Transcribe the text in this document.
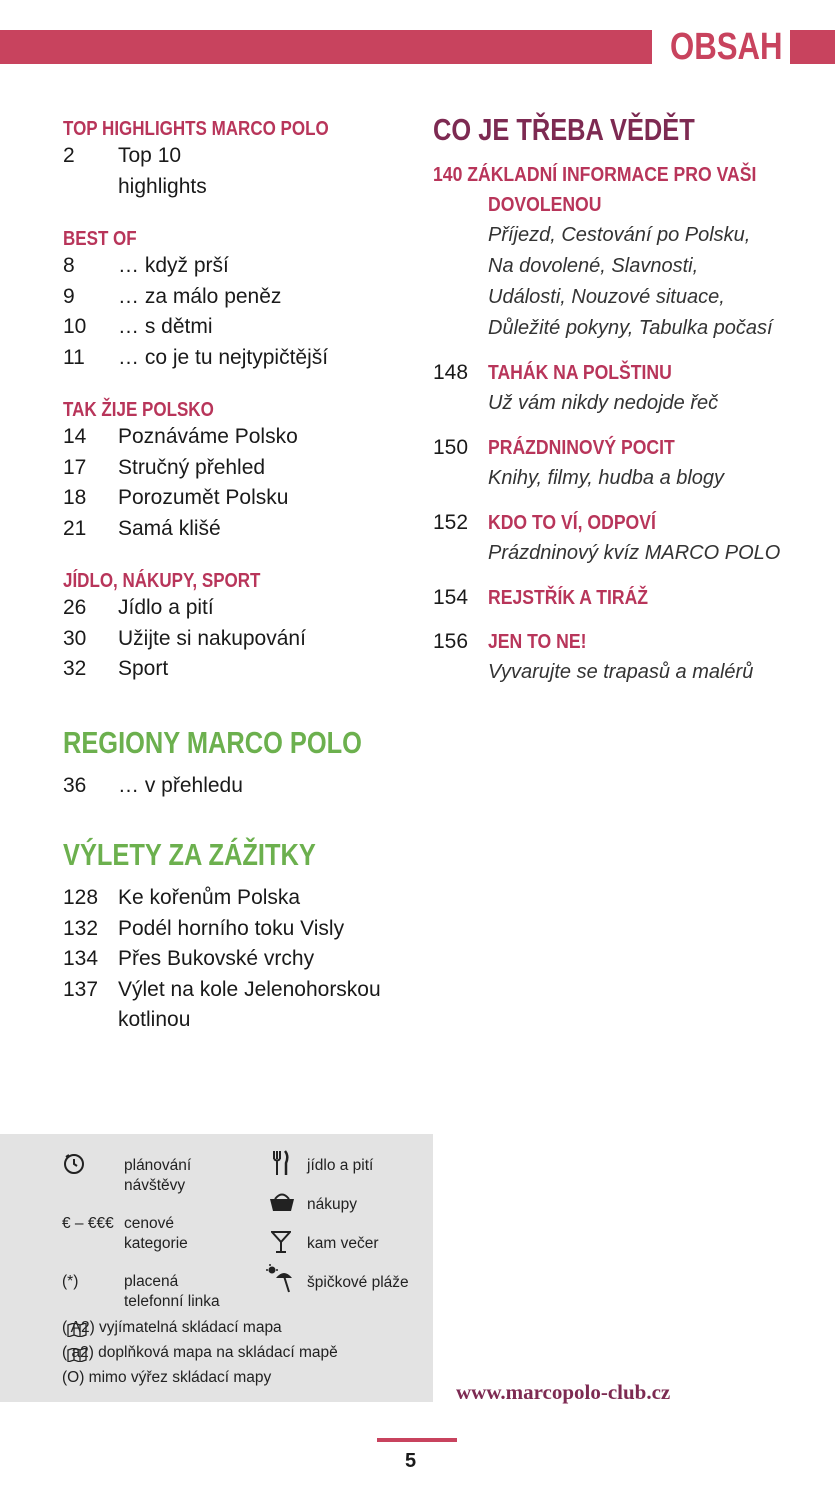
OBSAH
TOP HIGHLIGHTS MARCO POLO
2	Top 10
highlights
BEST OF
8	… když prší
9	… za málo peněz
10	… s dětmi
11	… co je tu nejtypičtější
TAK ŽIJE POLSKO
14	Poznáváme Polsko
17	Stručný přehled
18	Porozumět Polsku
21	Samá klišé
JÍDLO, NÁKUPY, SPORT
26	Jídlo a pití
30	Užijte si nakupování
32	Sport
REGIONY MARCO POLO
36	… v přehledu
VÝLETY ZA ZÁŽITKY
128 Ke kořenům Polska
132 Podél horního toku Visly
134 Přes Bukovské vrchy
137 Výlet na kole Jelenohorskou
kotlinou
CO JE TŘEBA VĚDĚT
140 ZÁKLADNÍ INFORMACE PRO VAŠI
DOVOLENOU
Příjezd, Cestování po Polsku,
Na dovolené, Slavnosti,
Události, Nouzové situace,
Důležité pokyny, Tabulka počasí
148 TAHÁK NA POLŠTINU
Už vám nikdy nedojde řeč
150 PRÁZDNINOVÝ POCIT
Knihy, filmy, hudba a blogy
152 KDO TO VÍ, ODPOVÍ
Prázdninový kvíz MARCO POLO
154 REJSTŘÍK A TIRÁŽ
156 JEN TO NE!
Vyvarujte se trapasů a malérů
plánování
návštěvy
€ – €€€ cenové
kategorie
(*)	placená
telefonní linka
jídlo a pití
nákupy
kam večer
špičkové pláže
( A2) vyjímatelná skládací mapa
( a2) doplňková mapa na skládací mapě
(O) mimo výřez skládací mapy
www.marcopolo-club.cz
5
